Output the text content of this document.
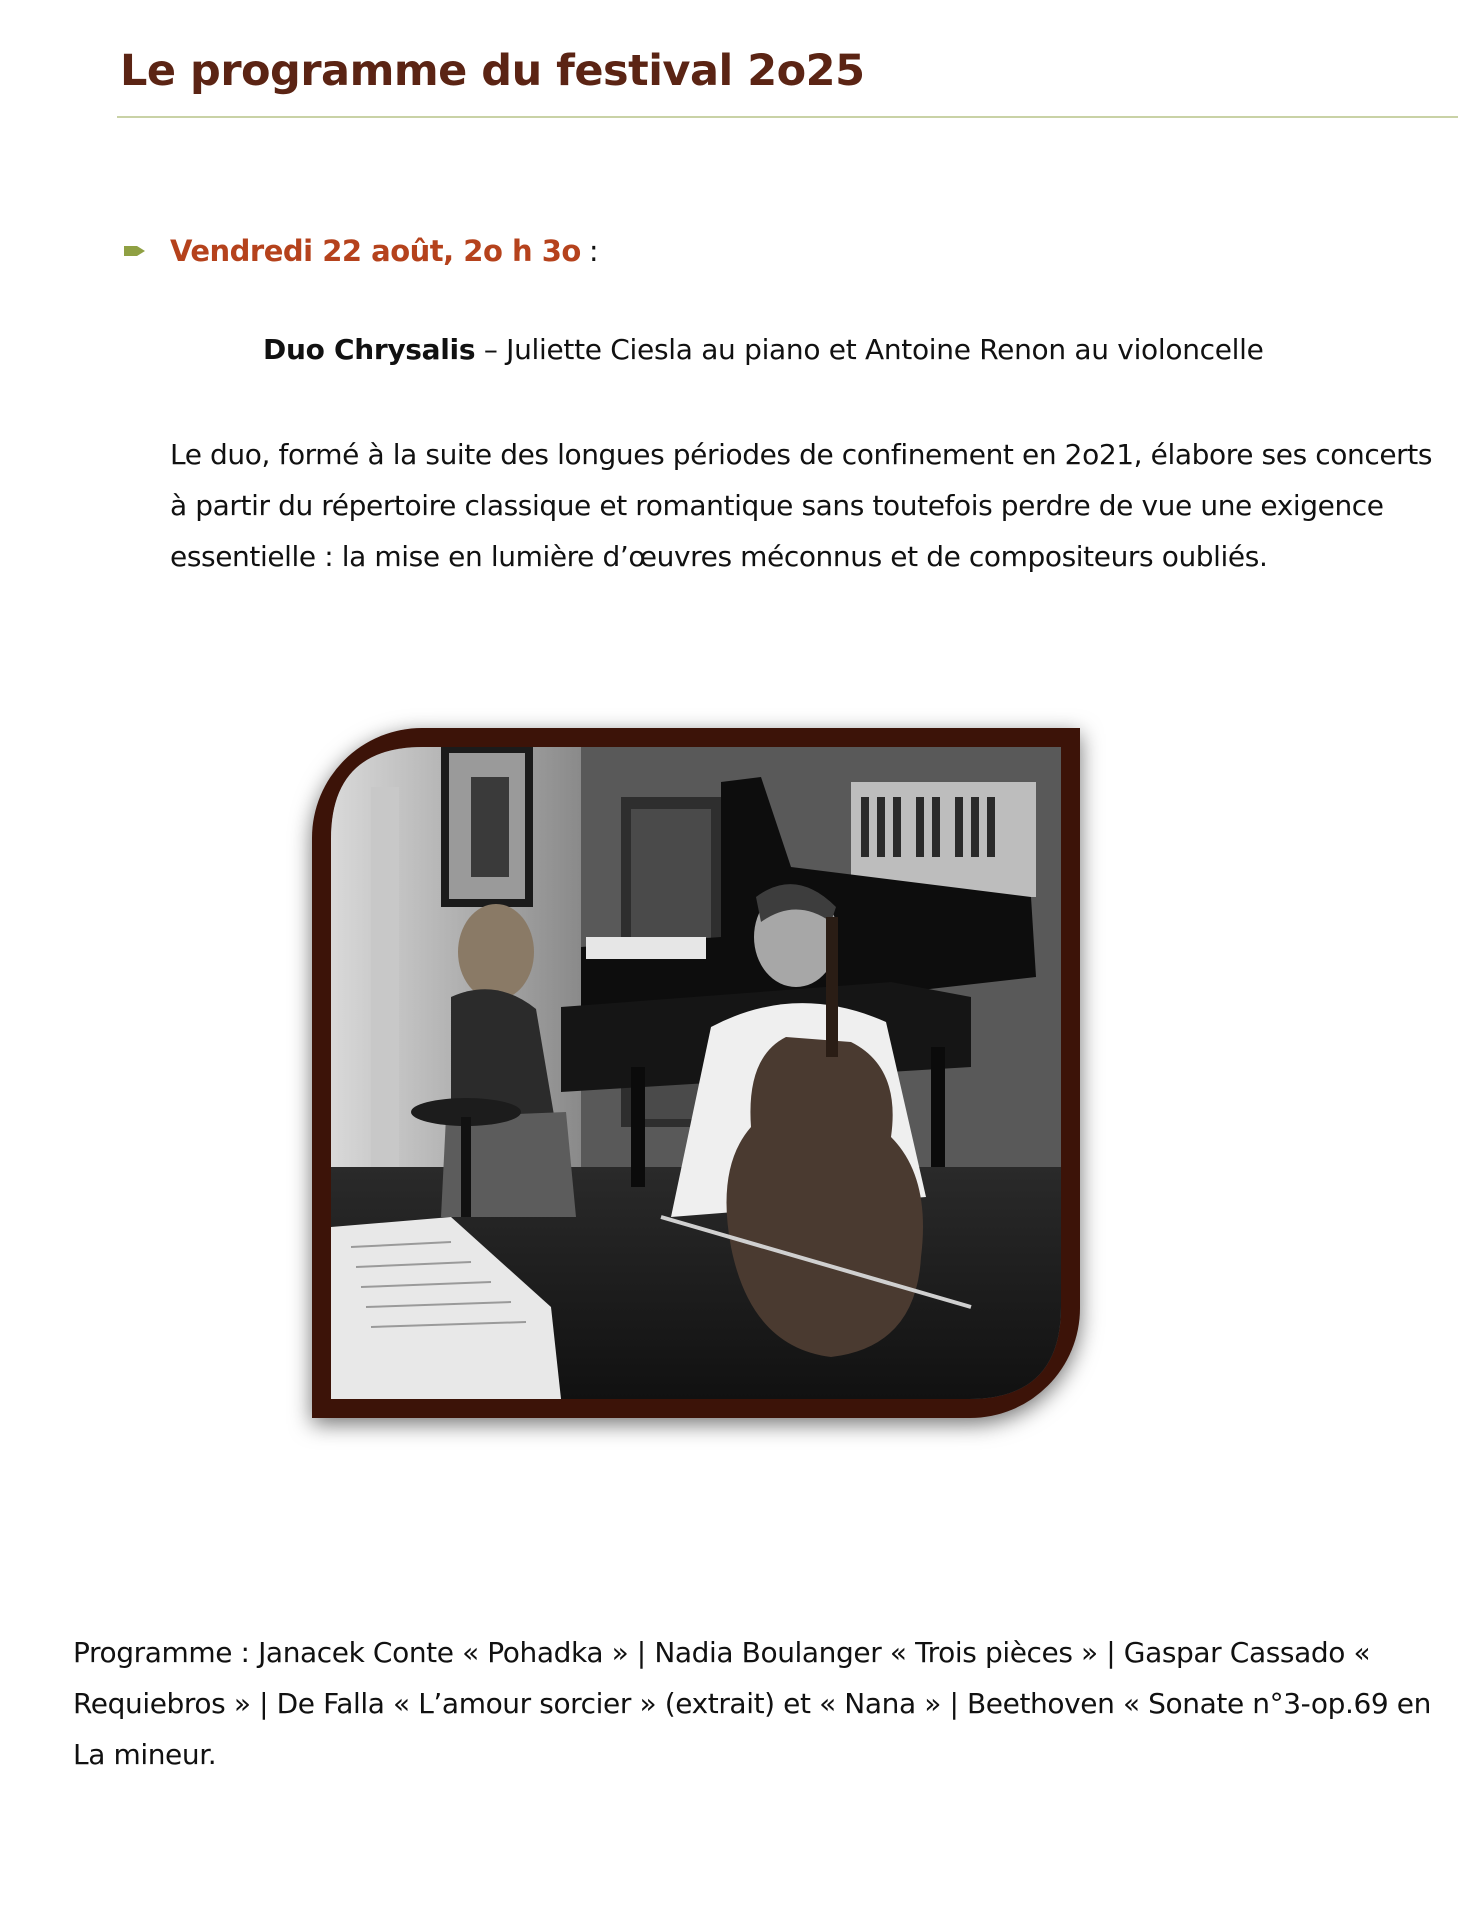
Le programme du festival 2o25
Vendredi 22 août, 2o h 3o :
Duo Chrysalis – Juliette Ciesla au piano et Antoine Renon au violoncelle

Le duo, formé à la suite des longues périodes de confinement en 2o21, élabore ses concerts à partir du répertoire classique et romantique sans toutefois perdre de vue une exigence essentielle : la mise en lumière d’œuvres méconnus et de compositeurs oubliés.

Programme : Janacek Conte « Pohadka » | Nadia Boulanger « Trois pièces » | Gaspar Cassado « Requiebros » | De Falla « L’amour sorcier » (extrait) et « Nana » | Beethoven « Sonate n°3-op.69 en La mineur.
